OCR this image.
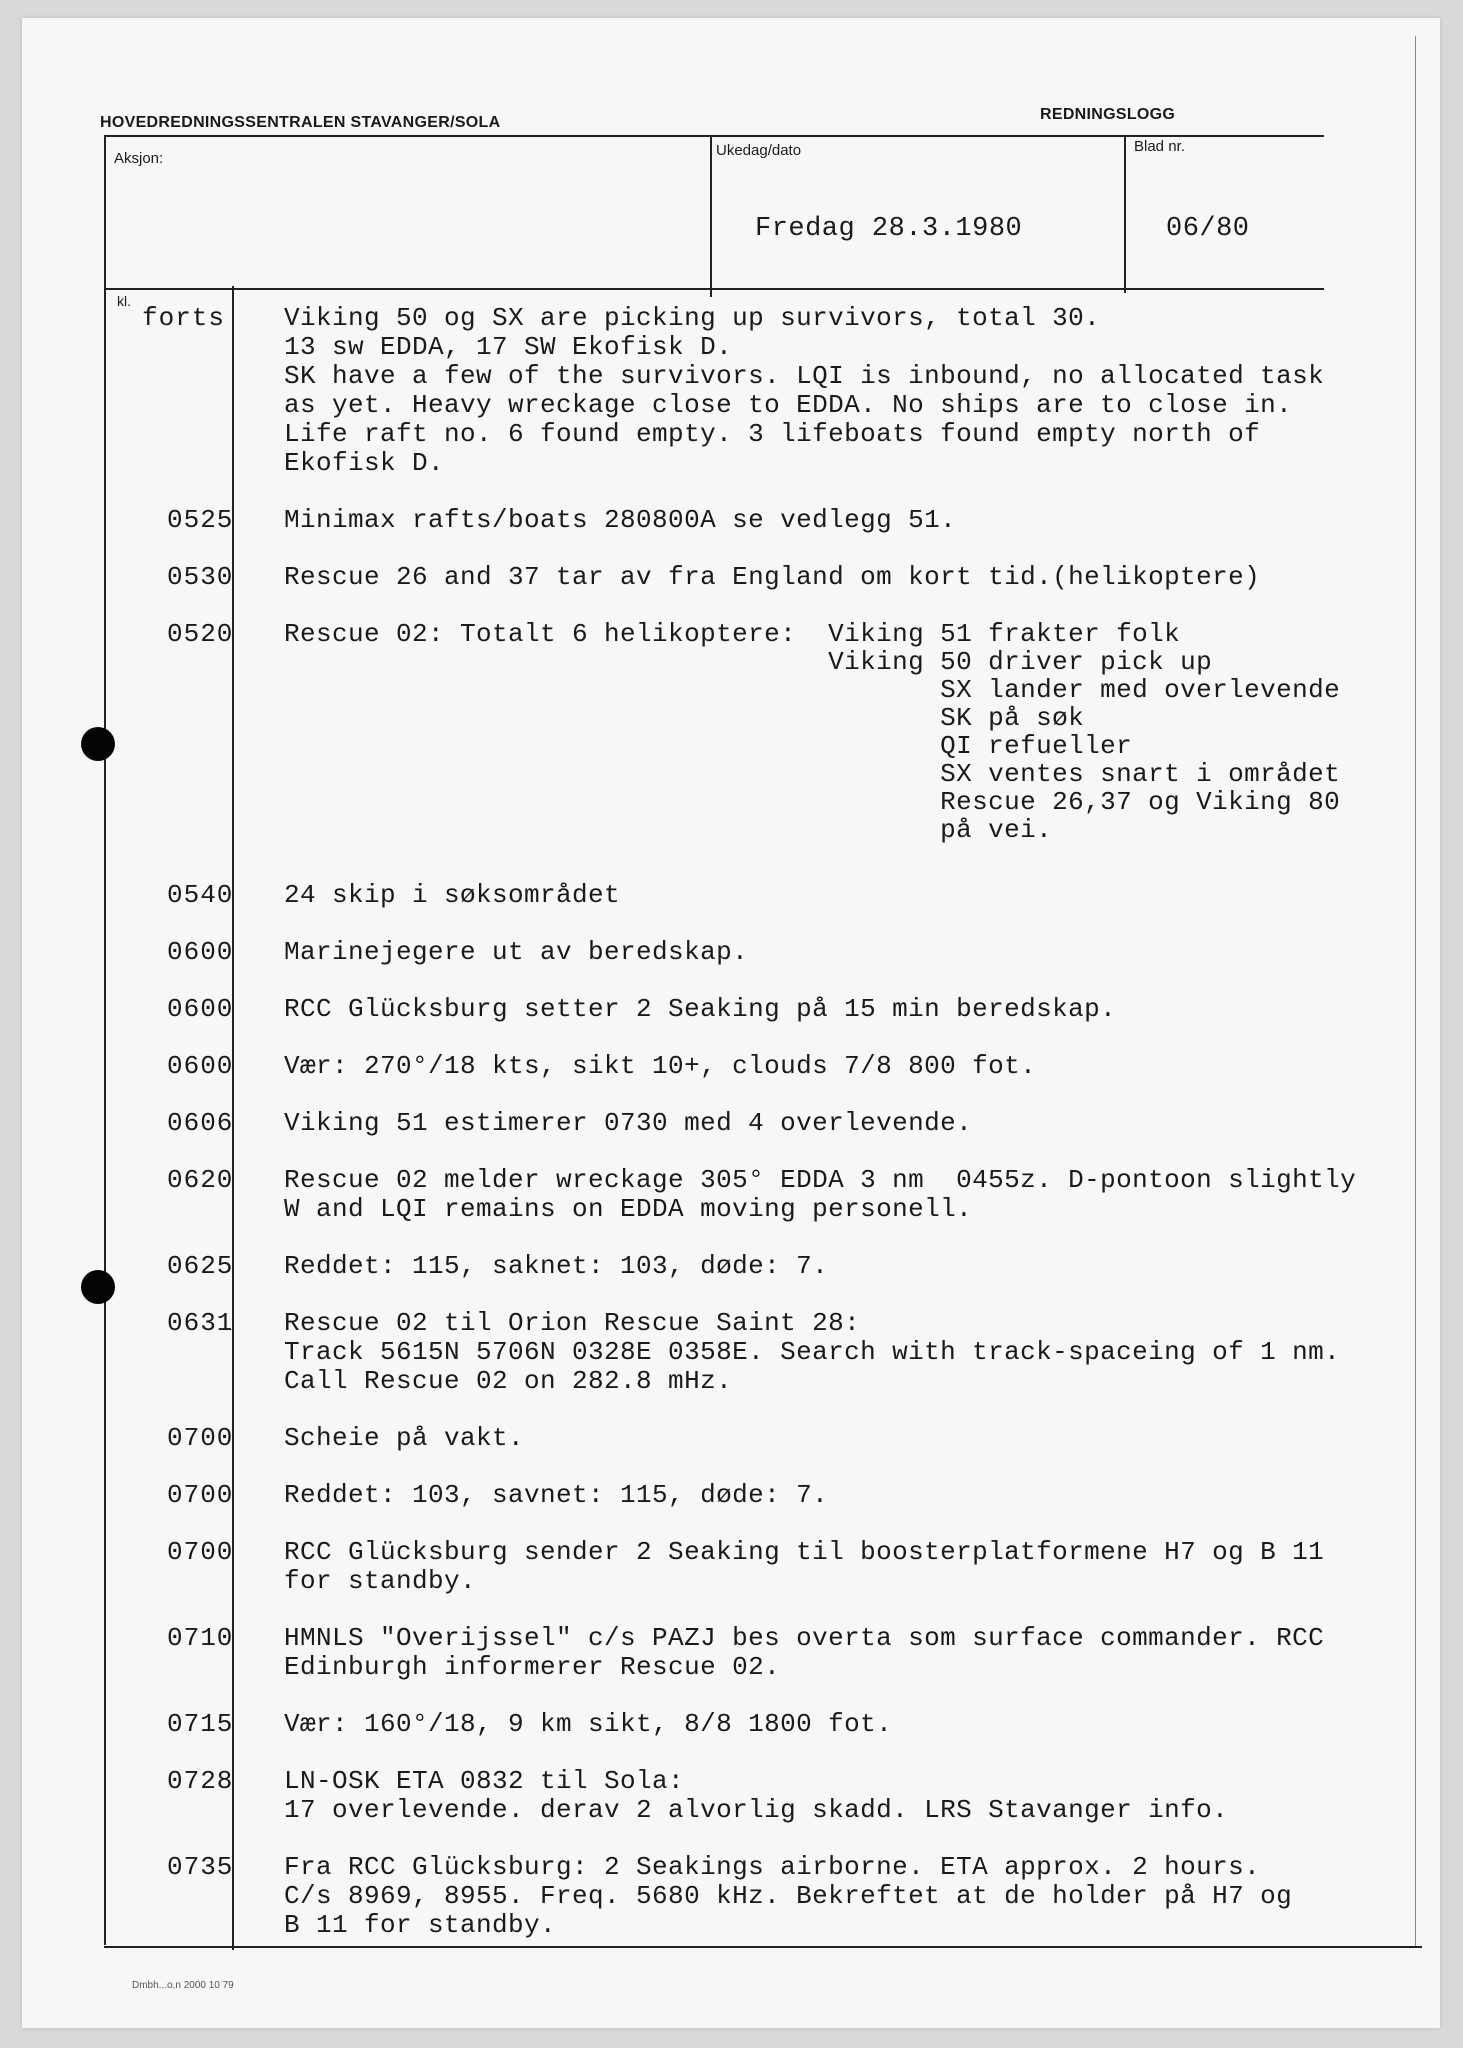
HOVEDREDNINGSSENTRALEN STAVANGER/SOLA	REDNINGSLOGG
Aksjon:	Ukedag/dato	Blad nr.
Fredag 28.3.1980	06/80
kl.
forts Viking 50 og SX are picking up survivors, total 30.
13 sw EDDA, 17 SW Ekofisk D.
SK have a few of the survivors. LQI is inbound, no allocated task
as yet. Heavy wreckage close to EDDA. No ships are to close in.
Life raft no. 6 found empty. 3 lifeboats found empty north of
Ekofisk D.
0525	Minimax rafts/boats 280800A se vedlegg 51.
0530	Rescue 26 and 37 tar av fra England om kort tid.(helikoptere)
0520	Rescue 02: Totalt 6 helikoptere:  Viking 51 frakter folk
Viking 50 driver pick up
SX lander med overlevende
SK på søk
QI refueller
SX ventes snart i området
Rescue 26,37 og Viking 80
på vei.
0540	24 skip i søksområdet
0600	Marinejegere ut av beredskap.
0600	RCC Glücksburg setter 2 Seaking på 15 min beredskap.
0600	Vær: 270°/18 kts, sikt 10+, clouds 7/8 800 fot.
0606	Viking 51 estimerer 0730 med 4 overlevende.
0620	Rescue 02 melder wreckage 305° EDDA 3 nm  0455z. D-pontoon slightly
W and LQI remains on EDDA moving personell.
0625	Reddet: 115, saknet: 103, døde: 7.
0631	Rescue 02 til Orion Rescue Saint 28:
Track 5615N 5706N 0328E 0358E. Search with track-spaceing of 1 nm.
Call Rescue 02 on 282.8 mHz.
0700	Scheie på vakt.
0700	Reddet: 103, savnet: 115, døde: 7.
0700	RCC Glücksburg sender 2 Seaking til boosterplatformene H7 og B 11
for standby.
0710	HMNLS "Overijssel" c/s PAZJ bes overta som surface commander. RCC
Edinburgh informerer Rescue 02.
0715	Vær: 160°/18, 9 km sikt, 8/8 1800 fot.
0728	LN-OSK ETA 0832 til Sola:
17 overlevende. derav 2 alvorlig skadd. LRS Stavanger info.
0735	Fra RCC Glücksburg: 2 Seakings airborne. ETA approx. 2 hours.
C/s 8969, 8955. Freq. 5680 kHz. Bekreftet at de holder på H7 og
B 11 for standby.
Dmbh...o.n 2000 10 79
